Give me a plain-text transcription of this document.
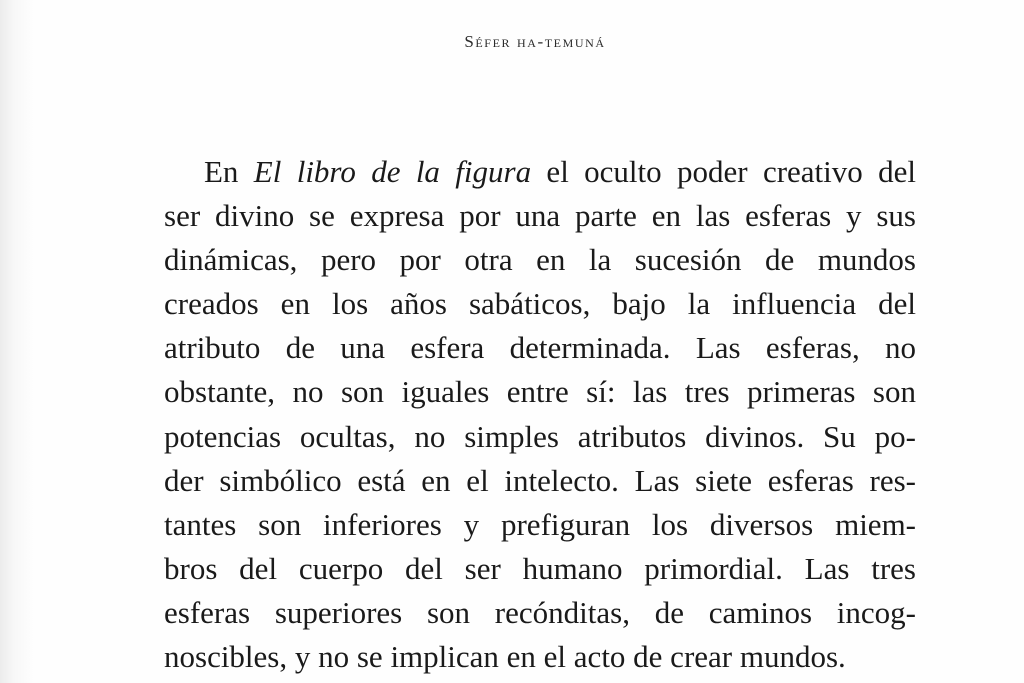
Séfer ha-temuná
En El libro de la figura el oculto poder creativo del
ser divino se expresa por una parte en las esferas y sus
dinámicas, pero por otra en la sucesión de mundos
creados en los años sabáticos, bajo la influencia del
atributo de una esfera determinada. Las esferas, no
obstante, no son iguales entre sí: las tres primeras son
potencias ocultas, no simples atributos divinos. Su po-
der simbólico está en el intelecto. Las siete esferas res-
tantes son inferiores y prefiguran los diversos miem-
bros del cuerpo del ser humano primordial. Las tres
esferas superiores son recónditas, de caminos incog-
noscibles, y no se implican en el acto de crear mundos.
